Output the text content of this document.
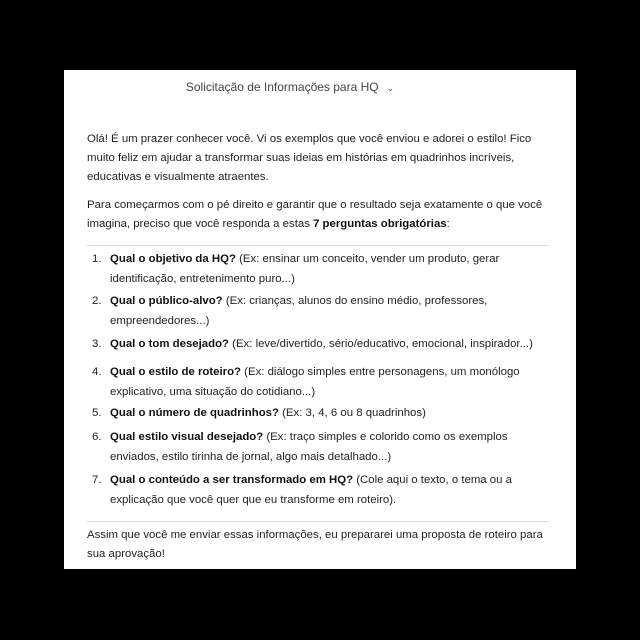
Solicitação de Informações para HQ ⌄

Olá! É um prazer conhecer você. Vi os exemplos que você enviou e adorei o estilo! Fico muito feliz em ajudar a transformar suas ideias em histórias em quadrinhos incríveis, educativas e visualmente atraentes.

Para começarmos com o pé direito e garantir que o resultado seja exatamente o que você imagina, preciso que você responda a estas 7 perguntas obrigatórias:

1. Qual o objetivo da HQ? (Ex: ensinar um conceito, vender um produto, gerar identificação, entretenimento puro...)
2. Qual o público-alvo? (Ex: crianças, alunos do ensino médio, professores, empreendedores...)
3. Qual o tom desejado? (Ex: leve/divertido, sério/educativo, emocional, inspirador...)
4. Qual o estilo de roteiro? (Ex: diálogo simples entre personagens, um monólogo explicativo, uma situação do cotidiano...)
5. Qual o número de quadrinhos? (Ex: 3, 4, 6 ou 8 quadrinhos)
6. Qual estilo visual desejado? (Ex: traço simples e colorido como os exemplos enviados, estilo tirinha de jornal, algo mais detalhado...)
7. Qual o conteúdo a ser transformado em HQ? (Cole aqui o texto, o tema ou a explicação que você quer que eu transforme em roteiro).

Assim que você me enviar essas informações, eu prepararei uma proposta de roteiro para sua aprovação!
